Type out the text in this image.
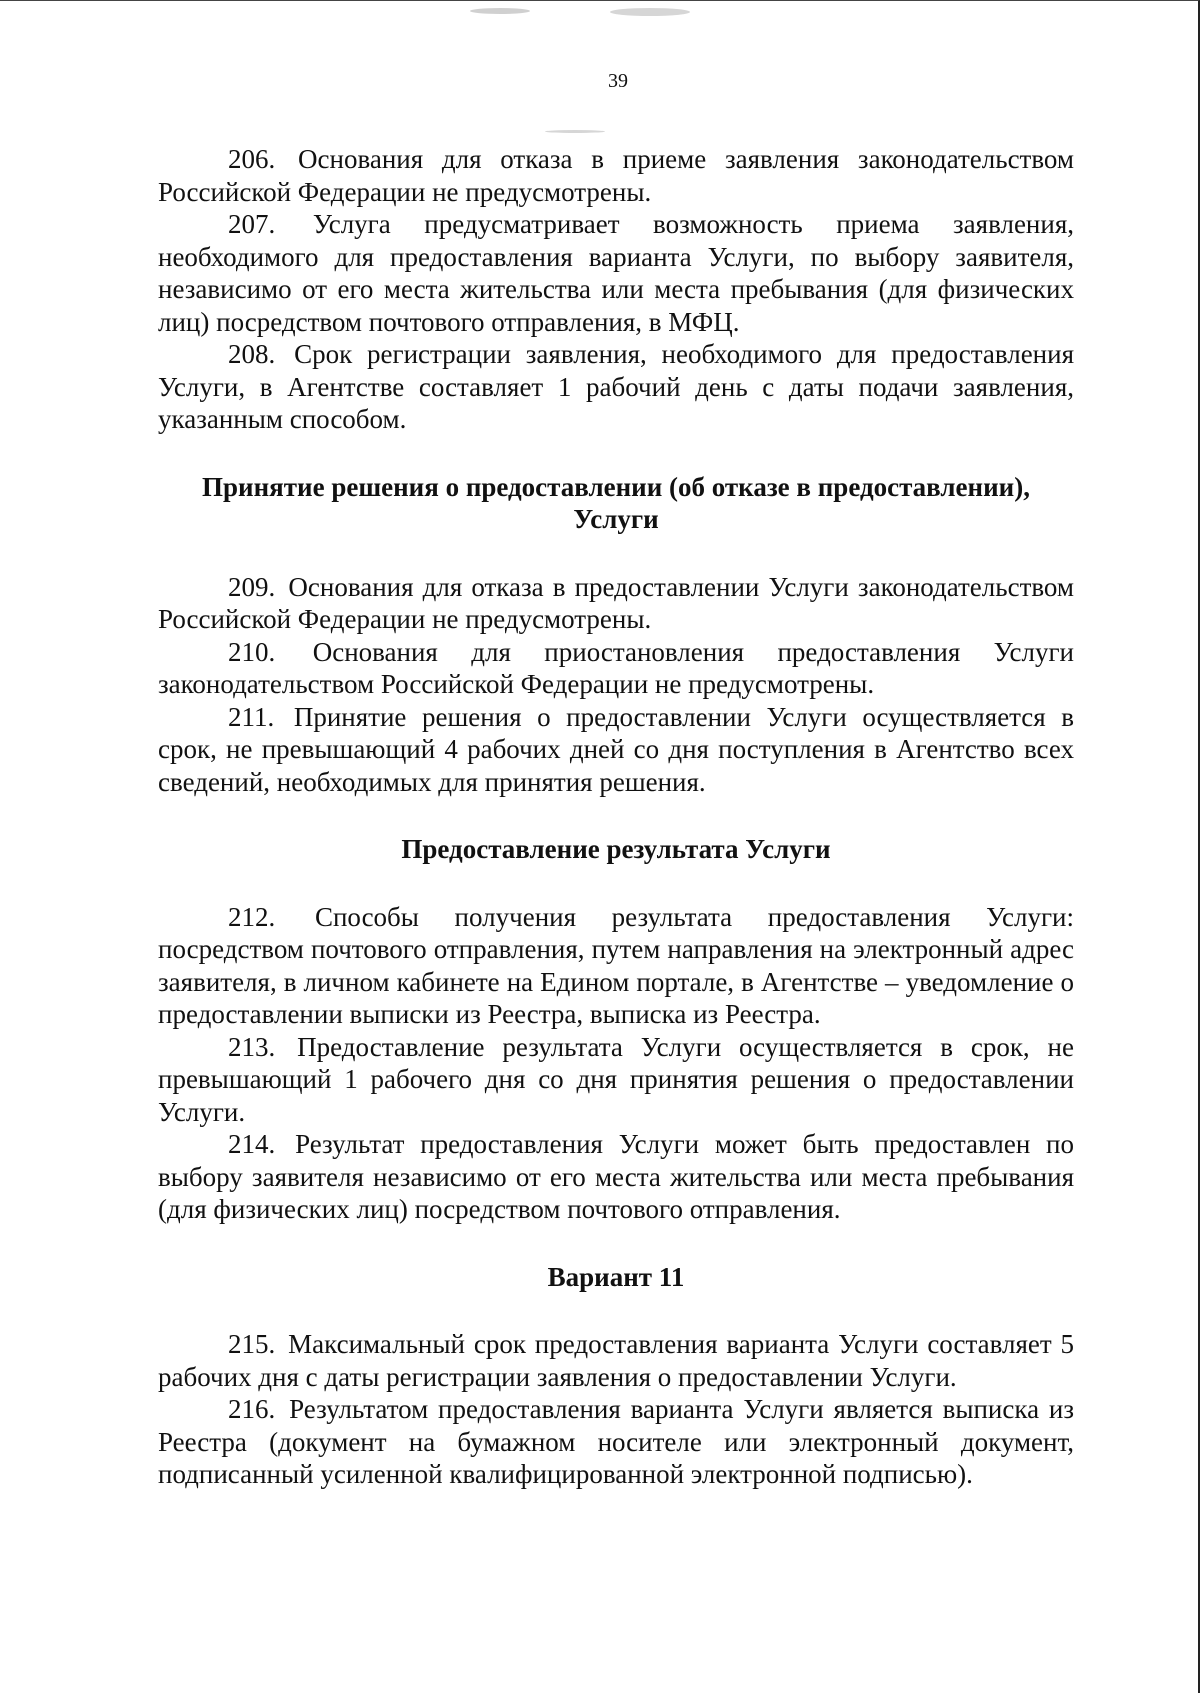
39

206. Основания для отказа в приеме заявления законодательством Российской Федерации не предусмотрены.

207. Услуга предусматривает возможность приема заявления, необходимого для предоставления варианта Услуги, по выбору заявителя, независимо от его места жительства или места пребывания (для физических лиц) посредством почтового отправления, в МФЦ.

208. Срок регистрации заявления, необходимого для предоставления Услуги, в Агентстве составляет 1 рабочий день с даты подачи заявления, указанным способом.

Принятие решения о предоставлении (об отказе в предоставлении),
Услуги

209. Основания для отказа в предоставлении Услуги законодательством Российской Федерации не предусмотрены.

210. Основания для приостановления предоставления Услуги законодательством Российской Федерации не предусмотрены.

211. Принятие решения о предоставлении Услуги осуществляется в срок, не превышающий 4 рабочих дней со дня поступления в Агентство всех сведений, необходимых для принятия решения.

Предоставление результата Услуги

212. Способы получения результата предоставления Услуги: посредством почтового отправления, путем направления на электронный адрес заявителя, в личном кабинете на Едином портале, в Агентстве – уведомление о предоставлении выписки из Реестра, выписка из Реестра.

213. Предоставление результата Услуги осуществляется в срок, не превышающий 1 рабочего дня со дня принятия решения о предоставлении Услуги.

214. Результат предоставления Услуги может быть предоставлен по выбору заявителя независимо от его места жительства или места пребывания (для физических лиц) посредством почтового отправления.

Вариант 11

215. Максимальный срок предоставления варианта Услуги составляет 5 рабочих дня с даты регистрации заявления о предоставлении Услуги.

216. Результатом предоставления варианта Услуги является выписка из Реестра (документ на бумажном носителе или электронный документ, подписанный усиленной квалифицированной электронной подписью).
